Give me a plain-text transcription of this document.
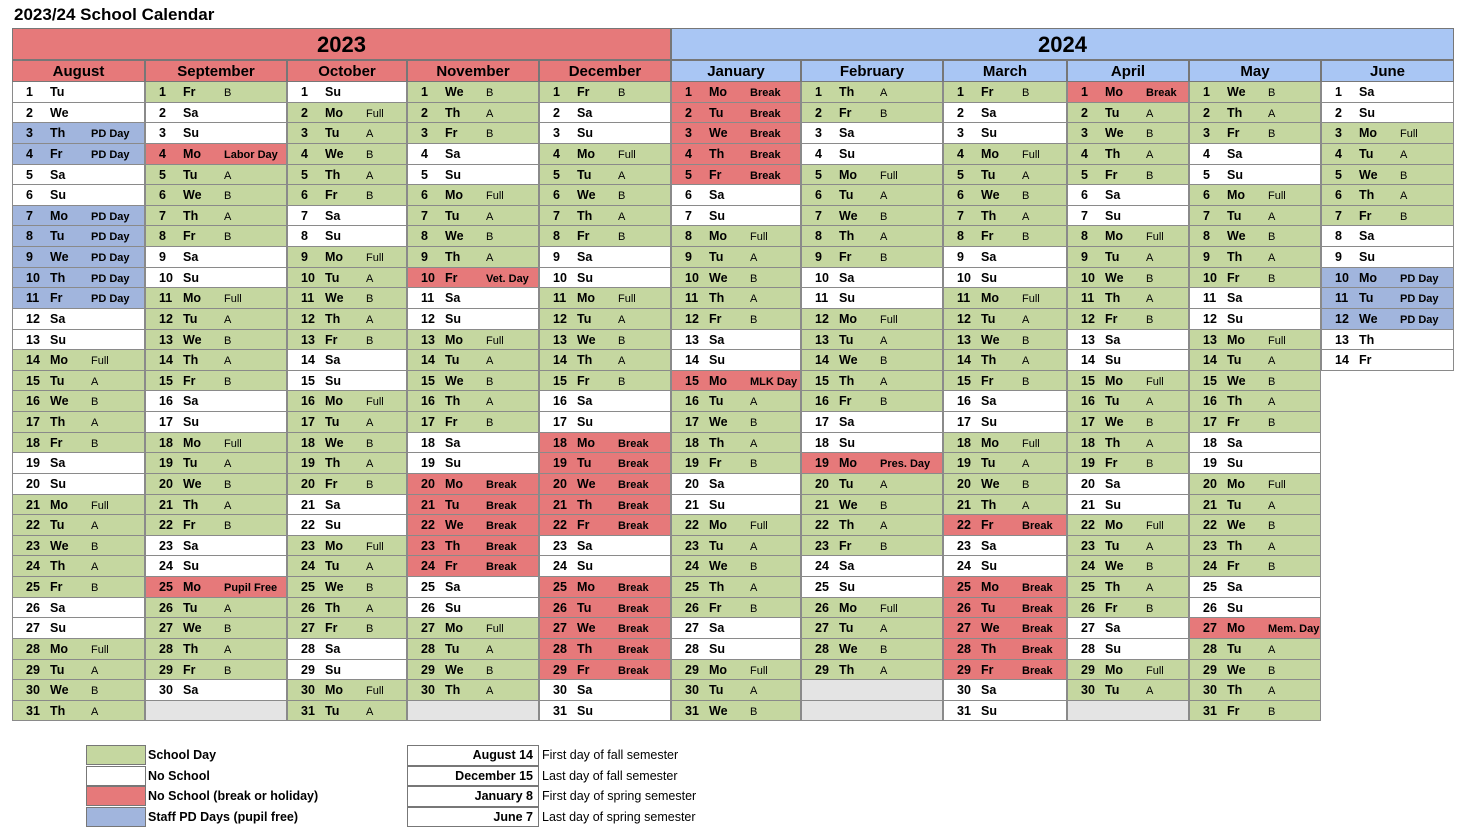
2023/24 School Calendar
2023	2024
August
1 Tu
2 We
3 Th PD Day
4 Fr	PD Day
5 Sa
6 Su
7 Mo PD Day
8 Tu PD Day
9 We PD Day
10 Th PD Day
11 Fr	PD Day
12 Sa
13 Su
14 Mo Full
15 Tu A
16 We B
17 Th A
18 Fr	B
19 Sa
20 Su
21 Mo Full
22 Tu A
23 We B
24 Th A
25 Fr	B
26 Sa
27 Su
28 Mo Full
29 Tu A
30 We B
31 Th A
September
1 Fr	B
2 Sa
3 Su
4 Mo Labor Day
5 Tu A
6 We B
7 Th A
8 Fr	B
9 Sa
10 Su
11 Mo Full
12 Tu A
13 We B
14 Th A
15 Fr	B
16 Sa
17 Su
18 Mo Full
19 Tu A
20 We B
21 Th A
22 Fr	B
23 Sa
24 Su
25 Mo Pupil Free
26 Tu A
27 We B
28 Th A
29 Fr	B
30 Sa
October
1 Su
2 Mo Full
3 Tu A
4 We B
5 Th A
6 Fr	B
7 Sa
8 Su
9 Mo Full
10 Tu A
11 We B
12 Th A
13 Fr	B
14 Sa
15 Su
16 Mo Full
17 Tu A
18 We B
19 Th A
20 Fr	B
21 Sa
22 Su
23 Mo Full
24 Tu A
25 We B
26 Th A
27 Fr	B
28 Sa
29 Su
30 Mo Full
31 Tu A
November
1 We B
2 Th A
3 Fr	B
4 Sa
5 Su
6 Mo Full
7 Tu A
8 We B
9 Th A
10 Fr	Vet. Day
11 Sa
12 Su
13 Mo Full
14 Tu A
15 We B
16 Th A
17 Fr	B
18 Sa
19 Su
20 Mo Break
21 Tu Break
22 We Break
23 Th Break
24 Fr	Break
25 Sa
26 Su
27 Mo Full
28 Tu A
29 We B
30 Th A
December
1 Fr	B
2 Sa
3 Su
4 Mo Full
5 Tu A
6 We B
7 Th A
8 Fr	B
9 Sa
10 Su
11 Mo Full
12 Tu A
13 We B
14 Th A
15 Fr	B
16 Sa
17 Su
18 Mo Break
19 Tu Break
20 We Break
21 Th Break
22 Fr	Break
23 Sa
24 Su
25 Mo Break
26 Tu Break
27 We Break
28 Th Break
29 Fr	Break
30 Sa
31 Su
January
1 Mo Break
2 Tu Break
3 We Break
4 Th Break
5 Fr	Break
6 Sa
7 Su
8 Mo Full
9 Tu A
10 We B
11 Th A
12 Fr	B
13 Sa
14 Su
15 Mo MLK Day
16 Tu A
17 We B
18 Th A
19 Fr	B
20 Sa
21 Su
22 Mo Full
23 Tu A
24 We B
25 Th A
26 Fr	B
27 Sa
28 Su
29 Mo Full
30 Tu A
31 We B
February
1 Th A
2 Fr	B
3 Sa
4 Su
5 Mo Full
6 Tu A
7 We B
8 Th A
9 Fr	B
10 Sa
11 Su
12 Mo Full
13 Tu A
14 We B
15 Th A
16 Fr	B
17 Sa
18 Su
19 Mo Pres. Day
20 Tu A
21 We B
22 Th A
23 Fr	B
24 Sa
25 Su
26 Mo Full
27 Tu A
28 We B
29 Th A
March
1 Fr	B
2 Sa
3 Su
4 Mo Full
5 Tu A
6 We B
7 Th A
8 Fr	B
9 Sa
10 Su
11 Mo Full
12 Tu A
13 We B
14 Th A
15 Fr	B
16 Sa
17 Su
18 Mo Full
19 Tu A
20 We B
21 Th A
22 Fr	Break
23 Sa
24 Su
25 Mo Break
26 Tu Break
27 We Break
28 Th Break
29 Fr	Break
30 Sa
31 Su
April
1 Mo Break
2 Tu A
3 We B
4 Th A
5 Fr	B
6 Sa
7 Su
8 Mo Full
9 Tu A
10 We B
11 Th A
12 Fr	B
13 Sa
14 Su
15 Mo Full
16 Tu A
17 We B
18 Th A
19 Fr	B
20 Sa
21 Su
22 Mo Full
23 Tu A
24 We B
25 Th A
26 Fr	B
27 Sa
28 Su
29 Mo Full
30 Tu A
May
1 We B
2 Th A
3 Fr	B
4 Sa
5 Su
6 Mo Full
7 Tu A
8 We B
9 Th A
10 Fr	B
11 Sa
12 Su
13 Mo Full
14 Tu A
15 We B
16 Th A
17 Fr	B
18 Sa
19 Su
20 Mo Full
21 Tu A
22 We B
23 Th A
24 Fr	B
25 Sa
26 Su
27 Mo Mem. Day
28 Tu A
29 We B
30 Th A
31 Fr	B
June
1 Sa
2 Su
3 Mo Full
4 Tu A
5 We B
6 Th A
7 Fr	B
8 Sa
9 Su
10 Mo PD Day
11 Tu PD Day
12 We PD Day
13 Th
14 Fr
School Day
No School
No School (break or holiday)
Staff PD Days (pupil free)
August 14 First day of fall semester
December 15 Last day of fall semester
January 8 First day of spring semester
June 7 Last day of spring semester
